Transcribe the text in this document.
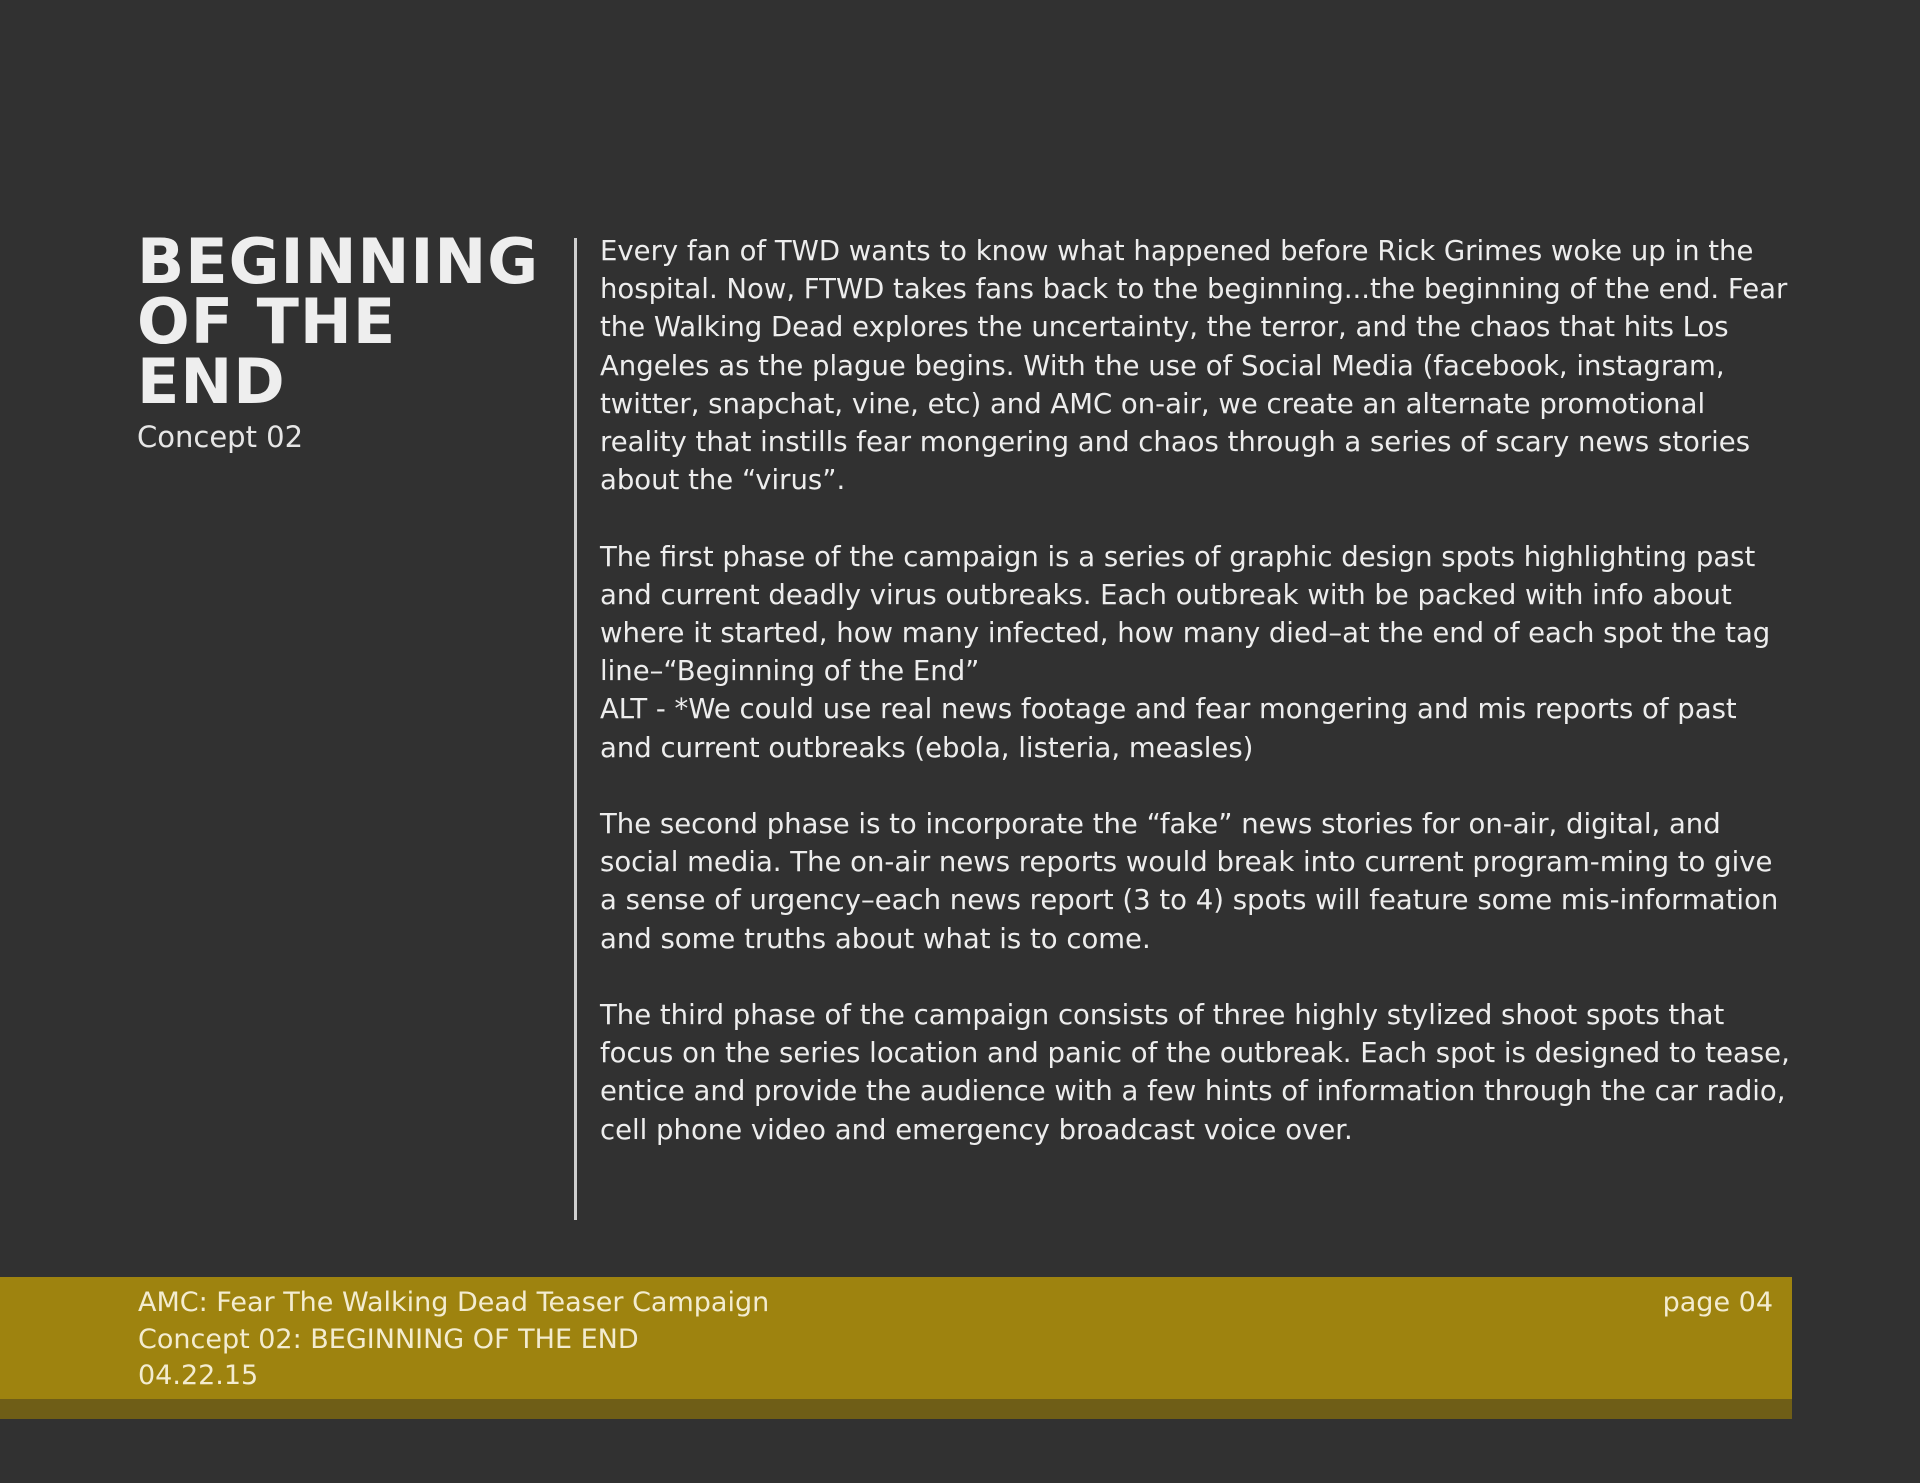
BEGINNING
OF THE END
Concept 02

Every fan of TWD wants to know what happened before Rick Grimes woke up in the hospital. Now, FTWD takes fans back to the beginning...the beginning of the end. Fear the Walking Dead explores the uncertainty, the terror, and the chaos that hits Los Angeles as the plague begins. With the use of Social Media (facebook, instagram, twitter, snapchat, vine, etc) and AMC on-air, we create an alternate promotional reality that instills fear mongering and chaos through a series of scary news stories about the “virus”.

The first phase of the campaign is a series of graphic design spots highlighting past and current deadly virus outbreaks. Each outbreak with be packed with info about where it started, how many infected, how many died–at the end of each spot the tag line–“Beginning of the End”
ALT - *We could use real news footage and fear mongering and mis reports of past and current outbreaks (ebola, listeria, measles)

The second phase is to incorporate the “fake” news stories for on-air, digital, and social media. The on-air news reports would break into current program-ming to give a sense of urgency–each news report (3 to 4) spots will feature some mis-information and some truths about what is to come.

The third phase of the campaign consists of three highly stylized shoot spots that focus on the series location and panic of the outbreak. Each spot is designed to tease, entice and provide the audience with a few hints of information through the car radio, cell phone video and emergency broadcast voice over.

AMC: Fear The Walking Dead Teaser Campaign
Concept 02: BEGINNING OF THE END
04.22.15
page 04
